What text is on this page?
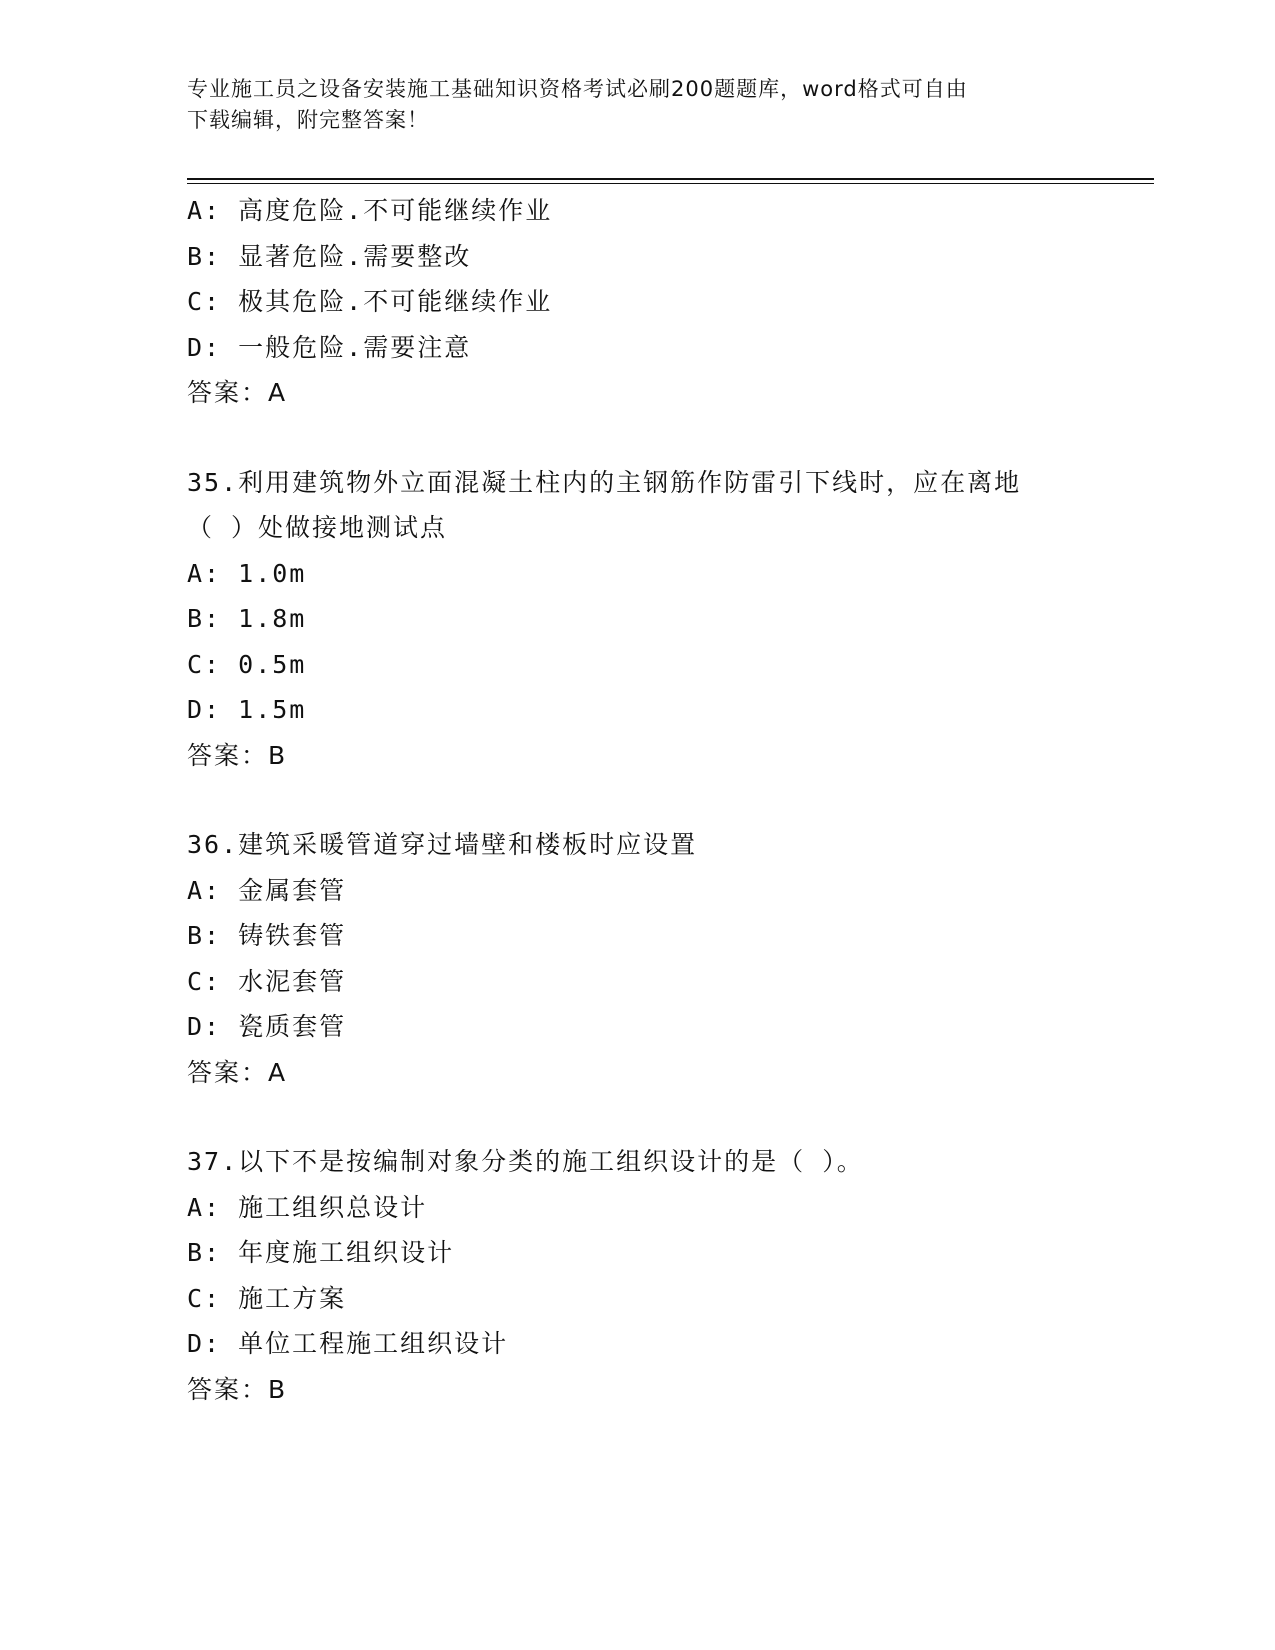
专业施工员之设备安装施工基础知识资格考试必刷200题题库，word格式可自由
下载编辑，附完整答案！
A: 高度危险.不可能继续作业
B: 显著危险.需要整改
C: 极其危险.不可能继续作业
D: 一般危险.需要注意
答案：A
35.利用建筑物外立面混凝土柱内的主钢筋作防雷引下线时，应在离地
（ ）处做接地测试点
A: 1.0m
B: 1.8m
C: 0.5m
D: 1.5m
答案：B
36.建筑采暖管道穿过墙壁和楼板时应设置
A: 金属套管
B: 铸铁套管
C: 水泥套管
D: 瓷质套管
答案：A
37.以下不是按编制对象分类的施工组织设计的是（ ）。
A: 施工组织总设计
B: 年度施工组织设计
C: 施工方案
D: 单位工程施工组织设计
答案：B
